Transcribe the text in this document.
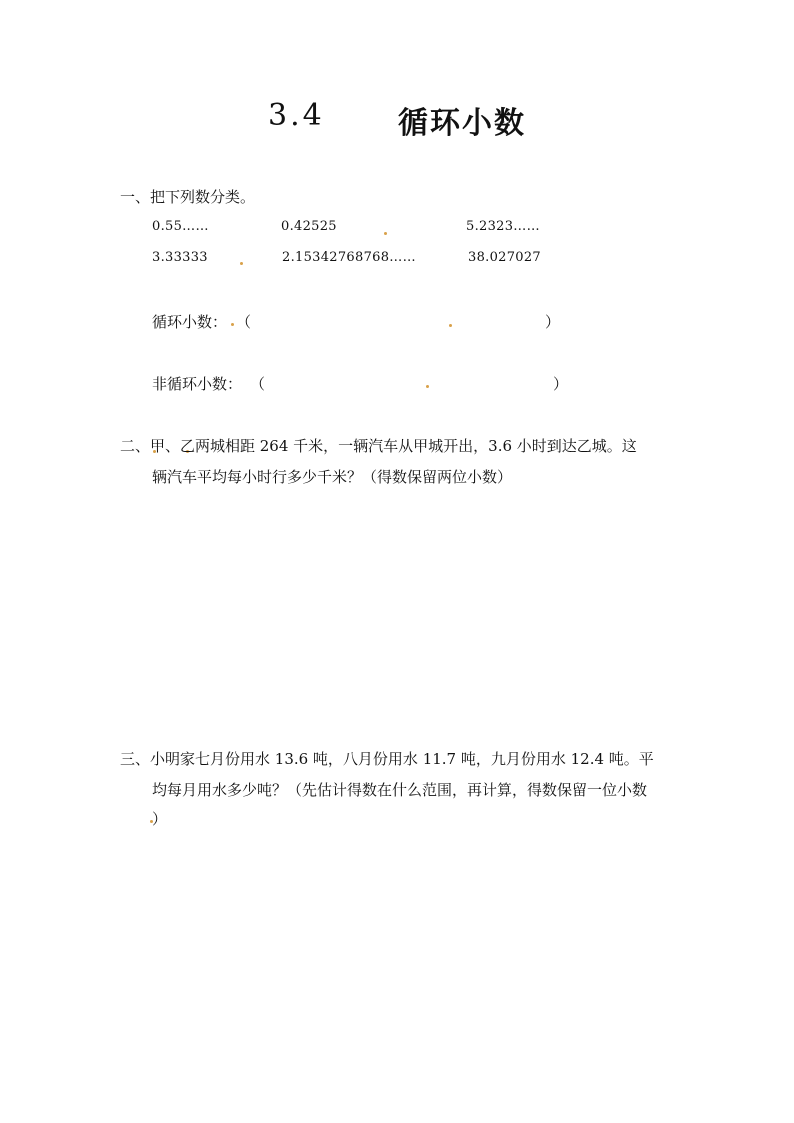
3.4 循环小数
一、把下列数分类。
0.55……	0.42525	5.2323……
3.33333	2.15342768768……	38.027027
循环小数： （	）
非循环小数： （	）
二、甲、乙两城相距 264 千米，一辆汽车从甲城开出，3.6 小时到达乙城。这
辆汽车平均每小时行多少千米？（得数保留两位小数）
三、小明家七月份用水 13.6 吨，八月份用水 11.7 吨，九月份用水 12.4 吨。平
均每月用水多少吨？（先估计得数在什么范围，再计算，得数保留一位小数
）
